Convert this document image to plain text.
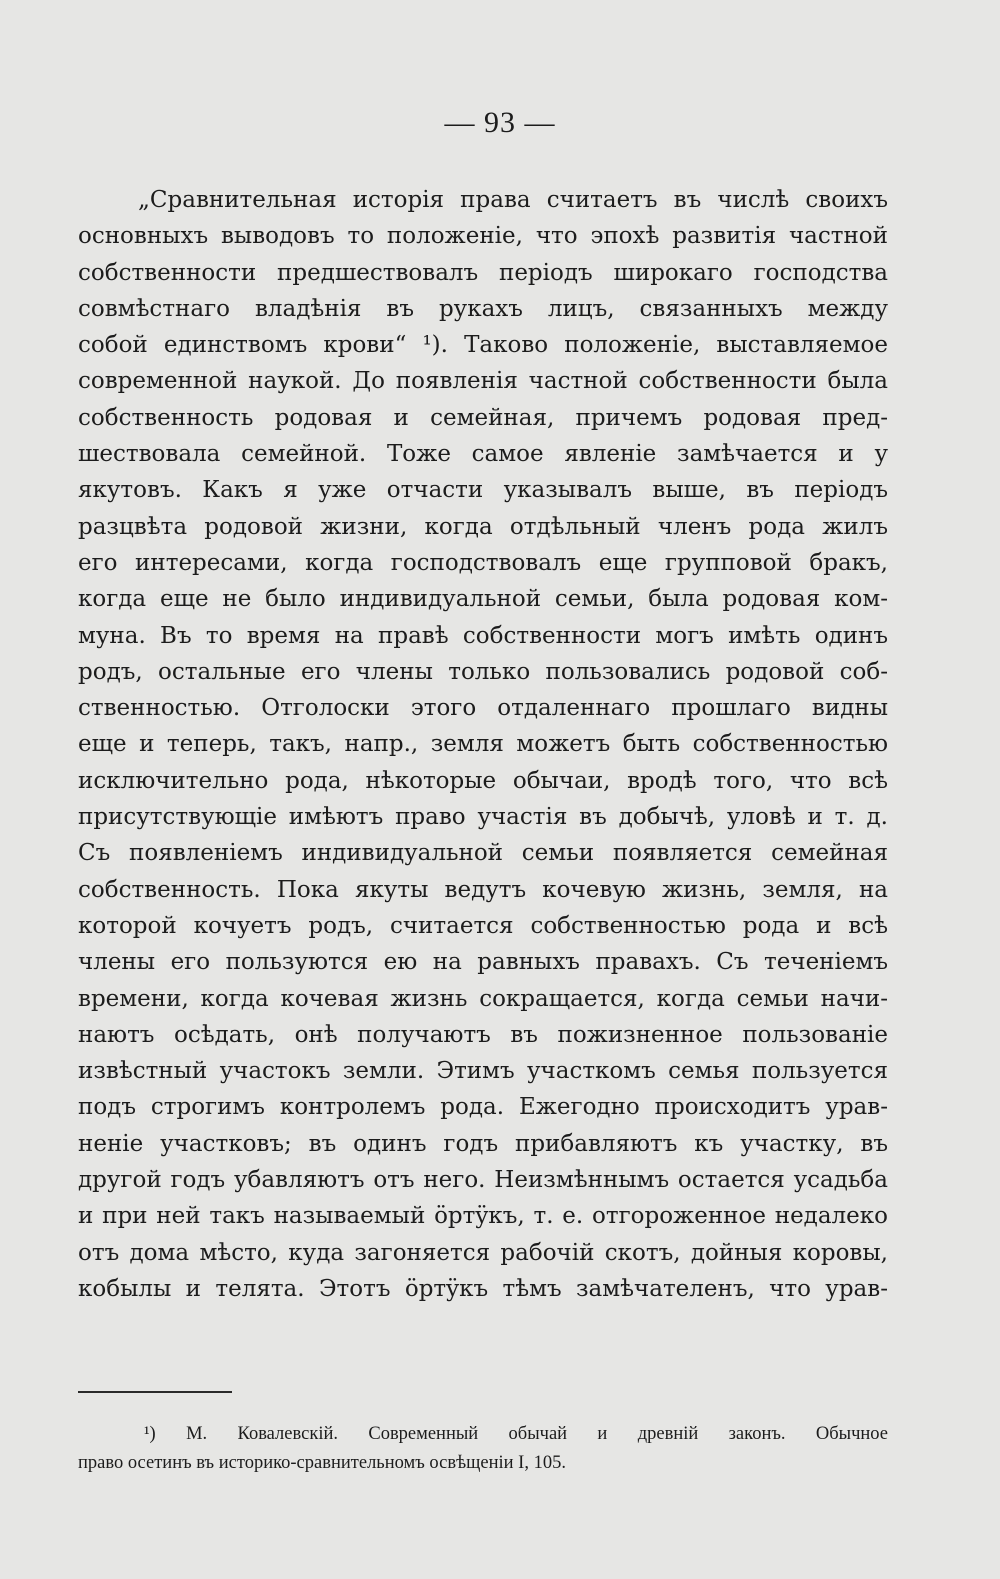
— 93 —
„Сравнительная исторія права считаетъ въ числѣ своихъ
основныхъ выводовъ то положеніе, что эпохѣ развитія частной
собственности предшествовалъ періодъ широкаго господства
совмѣстнаго владѣнія въ рукахъ лицъ, связанныхъ между
собой единствомъ крови“ ¹). Таково положеніе, выставляемое
современной наукой. До появленія частной собственности была
собственность родовая и семейная, причемъ родовая пред-
шествовала семейной. Тоже самое явленіе замѣчается и у
якутовъ. Какъ я уже отчасти указывалъ выше, въ періодъ
разцвѣта родовой жизни, когда отдѣльный членъ рода жилъ
его интересами, когда господствовалъ еще групповой бракъ,
когда еще не было индивидуальной семьи, была родовая ком-
муна. Въ то время на правѣ собственности могъ имѣть одинъ
родъ, остальные его члены только пользовались родовой соб-
ственностью. Отголоски этого отдаленнаго прошлаго видны
еще и теперь, такъ, напр., земля можетъ быть собственностью
исключительно рода, нѣкоторые обычаи, вродѣ того, что всѣ
присутствующіе имѣютъ право участія въ добычѣ, уловѣ и т. д.
Съ появленіемъ индивидуальной семьи появляется семейная
собственность. Пока якуты ведутъ кочевую жизнь, земля, на
которой кочуетъ родъ, считается собственностью рода и всѣ
члены его пользуются ею на равныхъ правахъ. Съ теченіемъ
времени, когда кочевая жизнь сокращается, когда семьи начи-
наютъ осѣдать, онѣ получаютъ въ пожизненное пользованіе
извѣстный участокъ земли. Этимъ участкомъ семья пользуется
подъ строгимъ контролемъ рода. Ежегодно происходитъ урав-
неніе участковъ; въ одинъ годъ прибавляютъ къ участку, въ
другой годъ убавляютъ отъ него. Неизмѣннымъ остается усадьба
и при ней такъ называемый öртÿкъ, т. е. отгороженное недалеко
отъ дома мѣсто, куда загоняется рабочій скотъ, дойныя коровы,
кобылы и телята. Этотъ öртÿкъ тѣмъ замѣчателенъ, что урав-
¹) М. Ковалевскій. Современный обычай и древній законъ. Обычное
право осетинъ въ историко-сравнительномъ освѣщеніи I, 105.
